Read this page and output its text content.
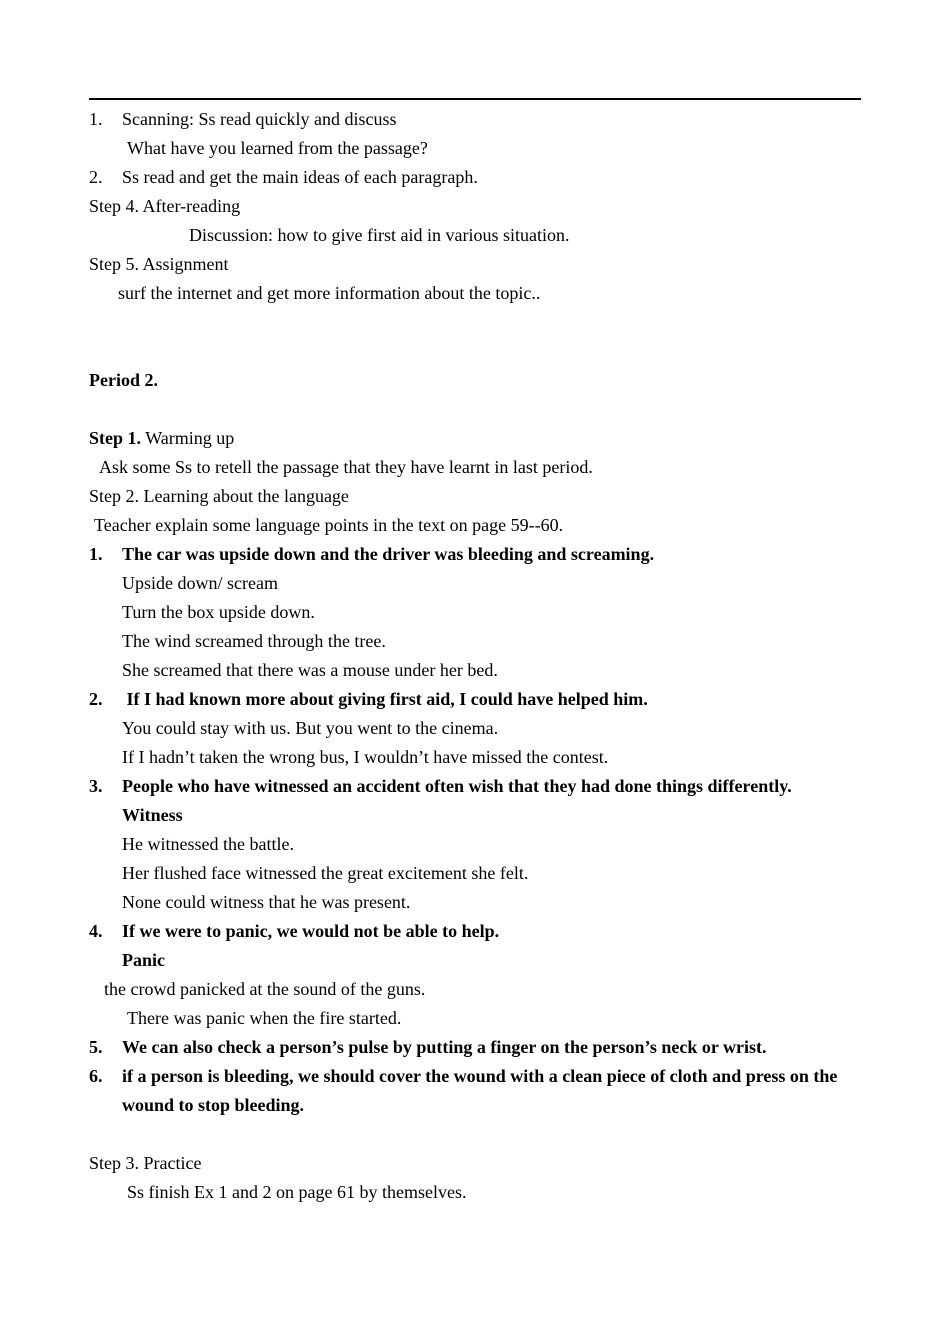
1. Scanning: Ss read quickly and discuss
What have you learned from the passage?
2. Ss read and get the main ideas of each paragraph.
Step 4. After-reading
Discussion: how to give first aid in various situation.
Step 5. Assignment
surf the internet and get more information about the topic..
Period 2.
Step 1. Warming up
Ask some Ss to retell the passage that they have learnt in last period.
Step 2. Learning about the language
Teacher explain some language points in the text on page 59--60.
1. The car was upside down and the driver was bleeding and screaming.
Upside down/ scream
Turn the box upside down.
The wind screamed through the tree.
She screamed that there was a mouse under her bed.
2. If I had known more about giving first aid, I could have helped him.
You could stay with us. But you went to the cinema.
If I hadn’t taken the wrong bus, I wouldn’t have missed the contest.
3. People who have witnessed an accident often wish that they had done things differently.
Witness
He witnessed the battle.
Her flushed face witnessed the great excitement she felt.
None could witness that he was present.
4. If we were to panic, we would not be able to help.
Panic
the crowd panicked at the sound of the guns.
There was panic when the fire started.
5. We can also check a person’s pulse by putting a finger on the person’s neck or wrist.
6.	if a person is bleeding, we should cover the wound with a clean piece of cloth and press on the wound to stop bleeding.
Step 3. Practice
Ss finish Ex 1 and 2 on page 61 by themselves.
